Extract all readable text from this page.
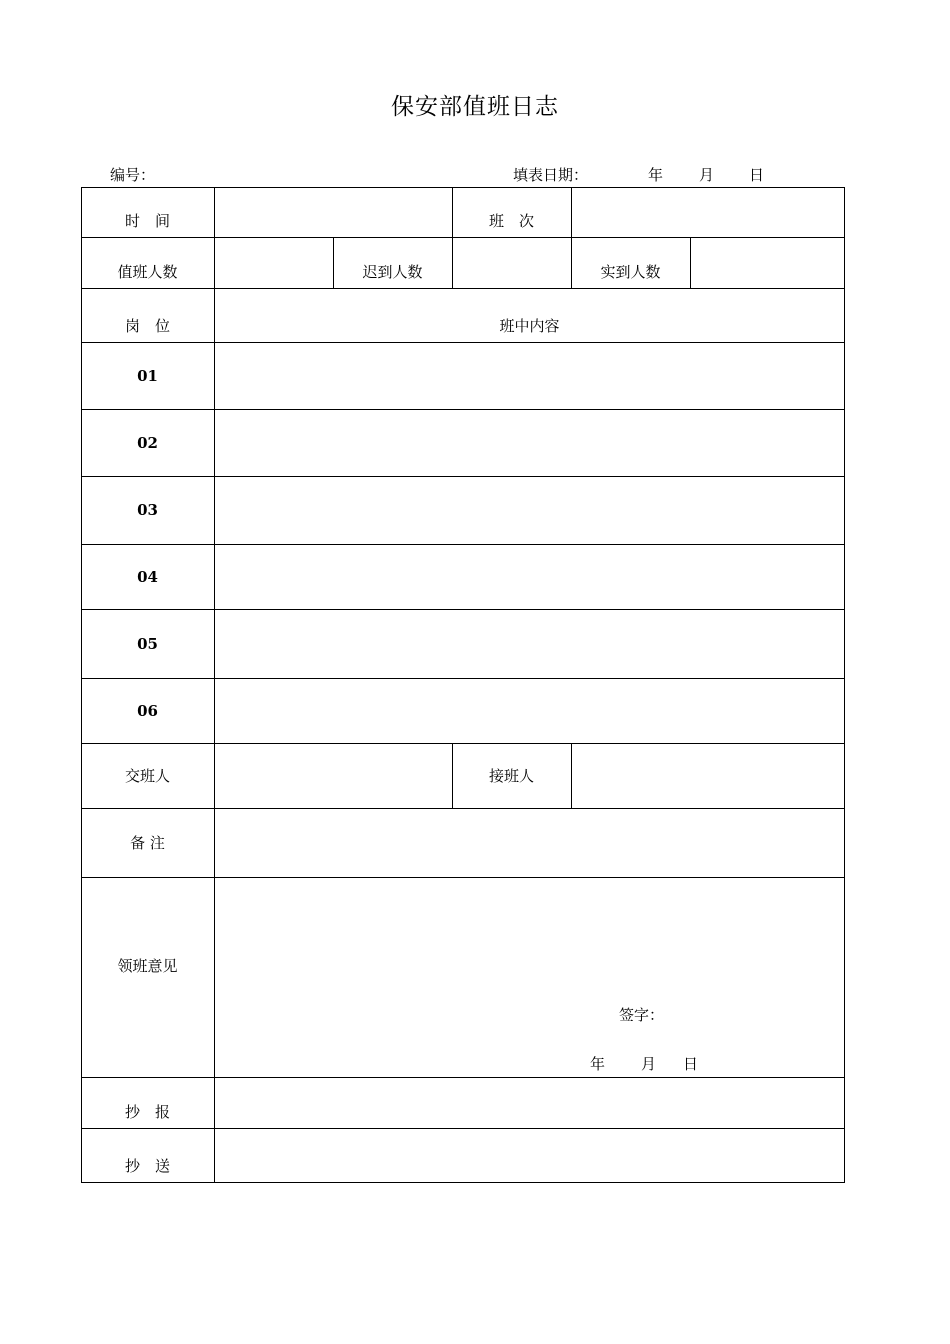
保安部值班日志
编号：	填表日期：	年 月 日
时　间	班　次
值班人数	迟到人数	实到人数
岗　位	班中内容
01
02
03
04
05
06
交班人	接班人
备 注
领班意见
签字：
年 月 日
抄　报
抄　送
